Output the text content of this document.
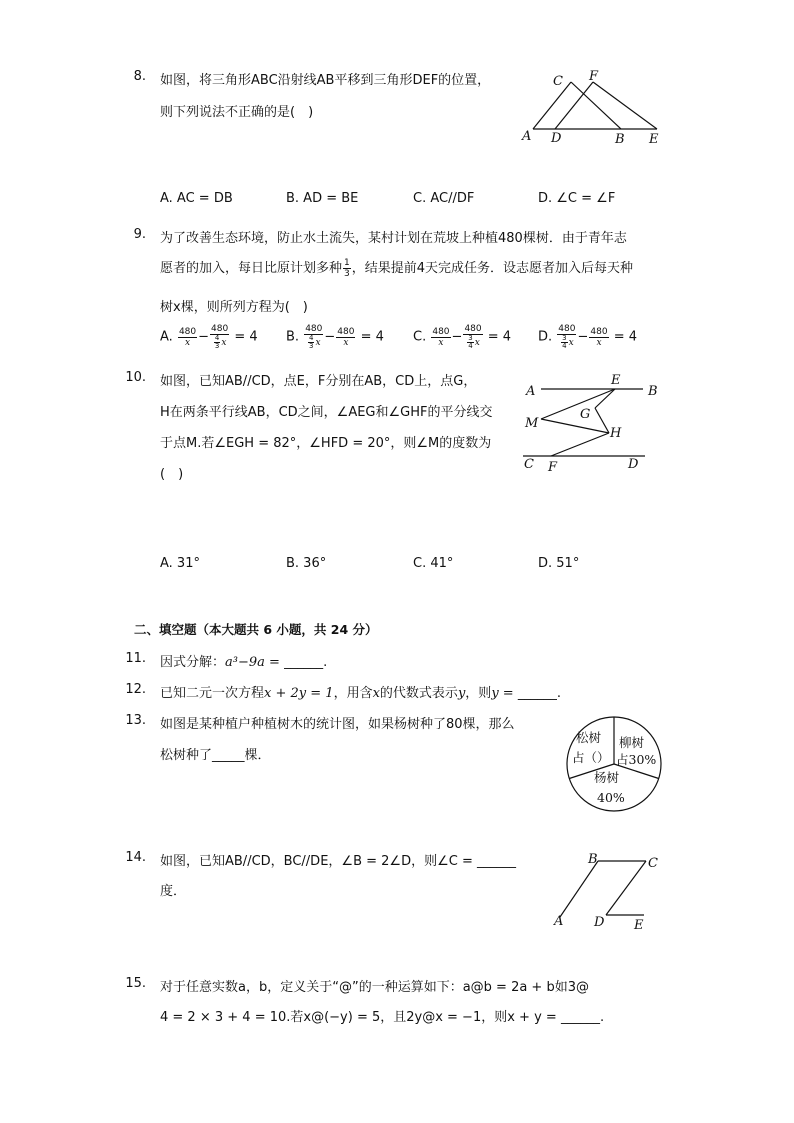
8. 如图，将三角形ABC沿射线AB平移到三角形DEF的位置，
则下列说法不正确的是(　)
A. AC = DB	B. AD = BE	C. AC//DF	D. ∠C = ∠F
C F
A D	B E
9. 为了改善生态环境，防止水土流失，某村计划在荒坡上种植480棵树．由于青年志
愿者的加入，每日比原计划多种 $\frac{1}{3}$ ，结果提前4天完成任务．设志愿者加入后每天种
树x棵，则所列方程为(　)
A. $\frac{480}{x} - \frac{480}{\frac{4}{3} x} = 4$ B. $\frac{480}{\frac{4}{3} x} - \frac{480}{x} = 4$ C. $\frac{480}{x} - \frac{480}{\frac{3}{4} x} = 4$ D. $\frac{480}{\frac{3}{4} x} - \frac{480}{x} = 4$
10. 如图，已知AB//CD，点E，F分别在AB，CD上，点G，
H在两条平行线AB，CD之间，∠AEG和∠GHF的平分线交
于点M.若∠EGH = 82°，∠HFD = 20°，则∠M的度数为
(　)
A. 31°	B. 36°	C. 41°	D. 51°
A
E
B
M
G
H
C F	D
二、填空题（本大题共 6 小题，共 24 分）
11. 因式分解：a³−9a = ______.
12. 已知二元一次方程x + 2y = 1，用含x的代数式表示y，则y = ______.
13. 如图是某种植户种植树木的统计图，如果杨树种了80棵，那么
松树种了_____棵．
松树
占（）
柳树
占30%
杨树
40%
14. 如图，已知AB//CD，BC//DE，∠B = 2∠D，则∠C = ______
度．
B	C
A D E
15. 对于任意实数a，b，定义关于“@”的一种运算如下：a@b = 2a + b如3@
4 = 2 × 3 + 4 = 10.若x@(−y) = 5，且2y@x = −1，则x + y = ______.
